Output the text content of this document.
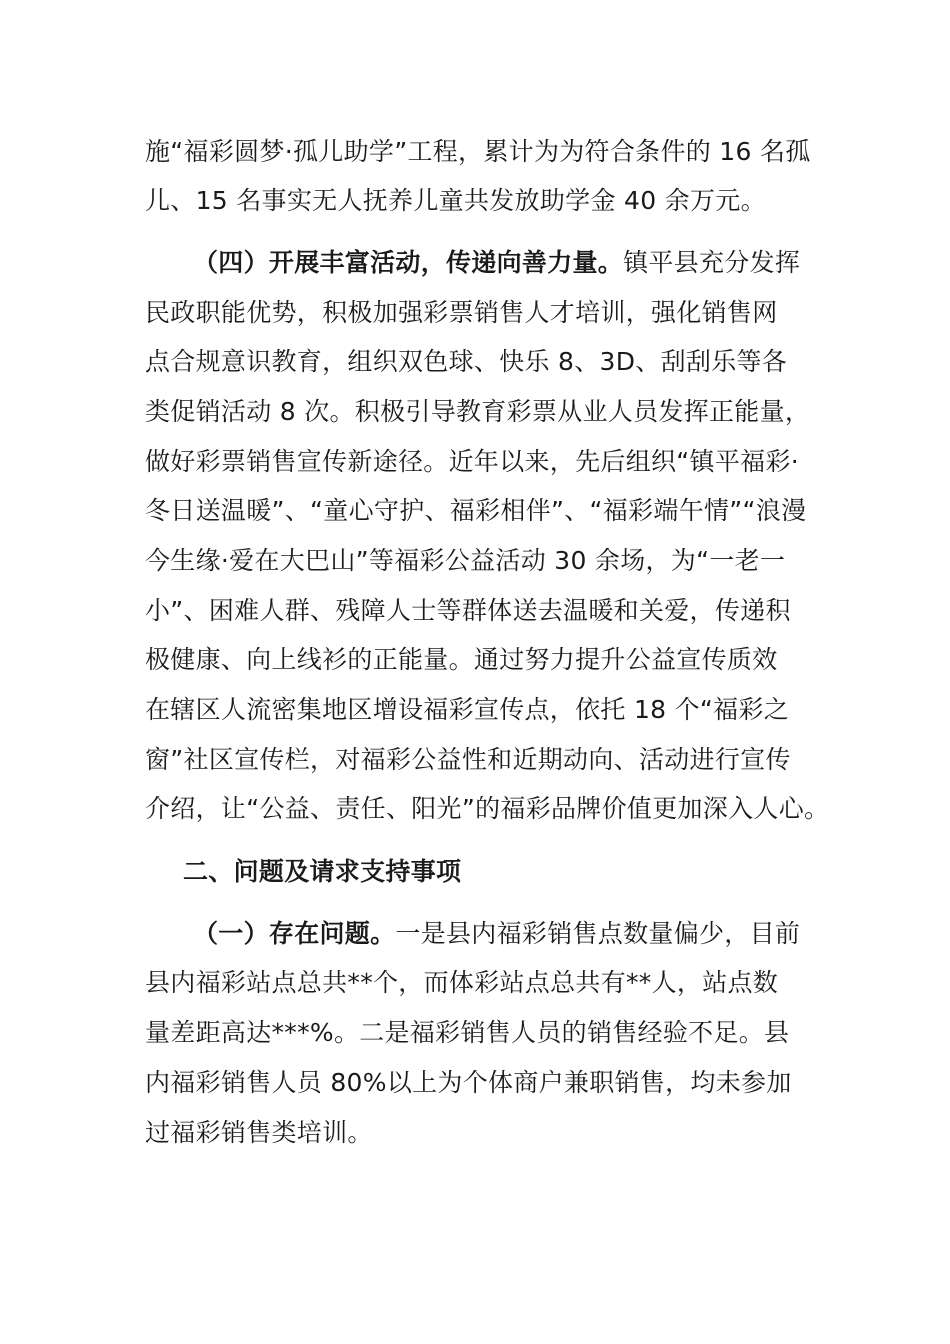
施“福彩圆梦·孤儿助学”工程，累计为为符合条件的 16 名孤
儿、15 名事实无人抚养儿童共发放助学金 40 余万元。
（四）开展丰富活动，传递向善力量。镇平县充分发挥
民政职能优势，积极加强彩票销售人才培训，强化销售网
点合规意识教育，组织双色球、快乐 8、3D、刮刮乐等各
类促销活动 8 次。积极引导教育彩票从业人员发挥正能量，
做好彩票销售宣传新途径。近年以来，先后组织“镇平福彩·
冬日送温暖”、“童心守护、福彩相伴”、“福彩端午情”“浪漫
今生缘·爱在大巴山”等福彩公益活动 30 余场，为“一老一
小”、困难人群、残障人士等群体送去温暖和关爱，传递积
极健康、向上线衫的正能量。通过努力提升公益宣传质效
在辖区人流密集地区增设福彩宣传点，依托 18 个“福彩之
窗”社区宣传栏，对福彩公益性和近期动向、活动进行宣传
介绍，让“公益、责任、阳光”的福彩品牌价值更加深入人心。
二、问题及请求支持事项
（一）存在问题。一是县内福彩销售点数量偏少，目前
县内福彩站点总共**个，而体彩站点总共有**人，站点数
量差距高达***%。二是福彩销售人员的销售经验不足。县
内福彩销售人员 80%以上为个体商户兼职销售，均未参加
过福彩销售类培训。
